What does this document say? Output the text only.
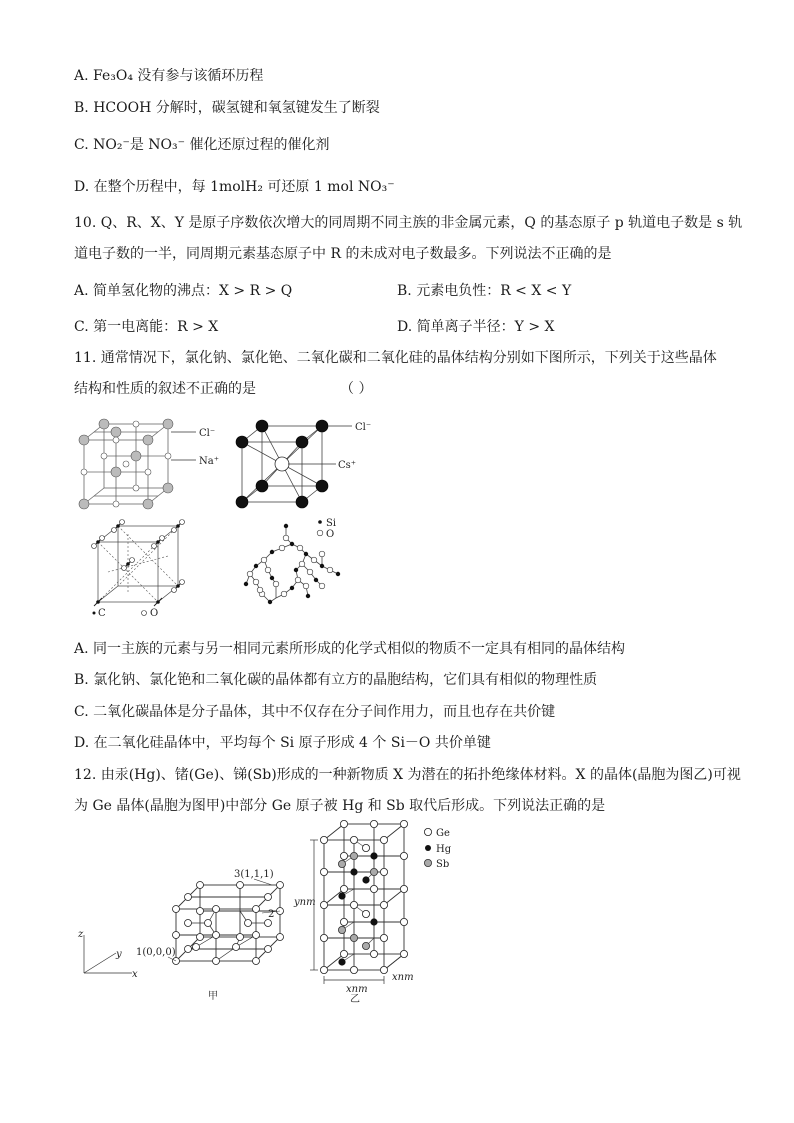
A. Fe₃O₄ 没有参与该循环历程
B. HCOOH 分解时，碳氢键和氧氢键发生了断裂
C. NO₂⁻是 NO₃⁻ 催化还原过程的催化剂
D. 在整个历程中，每 1molH₂ 可还原 1 mol NO₃⁻
10. Q、R、X、Y 是原子序数依次增大的同周期不同主族的非金属元素，Q 的基态原子 p 轨道电子数是 s 轨
道电子数的一半，同周期元素基态原子中 R 的未成对电子数最多。下列说法不正确的是
A. 简单氢化物的沸点：X > R > Q	B. 元素电负性：R < X < Y
C. 第一电离能：R > X	D. 简单离子半径：Y > X
11. 通常情况下，氯化钠、氯化铯、二氧化碳和二氧化硅的晶体结构分别如下图所示，下列关于这些晶体
结构和性质的叙述不正确的是	（ ）
Cl⁻
Na⁺
Cl⁻
Cs⁺
C	O
Si
O
A. 同一主族的元素与另一相同元素所形成的化学式相似的物质不一定具有相同的晶体结构
B. 氯化钠、氯化铯和二氧化碳的晶体都有立方的晶胞结构，它们具有相似的物理性质
C. 二氧化碳晶体是分子晶体，其中不仅存在分子间作用力，而且也存在共价键
D. 在二氧化硅晶体中，平均每个 Si 原子形成 4 个 Si－O 共价单键
12. 由汞(Hg)、锗(Ge)、锑(Sb)形成的一种新物质 X 为潜在的拓扑绝缘体材料。X 的晶体(晶胞为图乙)可视
为 Ge 晶体(晶胞为图甲)中部分 Ge 原子被 Hg 和 Sb 取代后形成。下列说法正确的是
z
y
x
3(1,1,1)
2
1(0,0,0)
甲
ynm
xnm
xnm
Ge
Hg
Sb
乙
